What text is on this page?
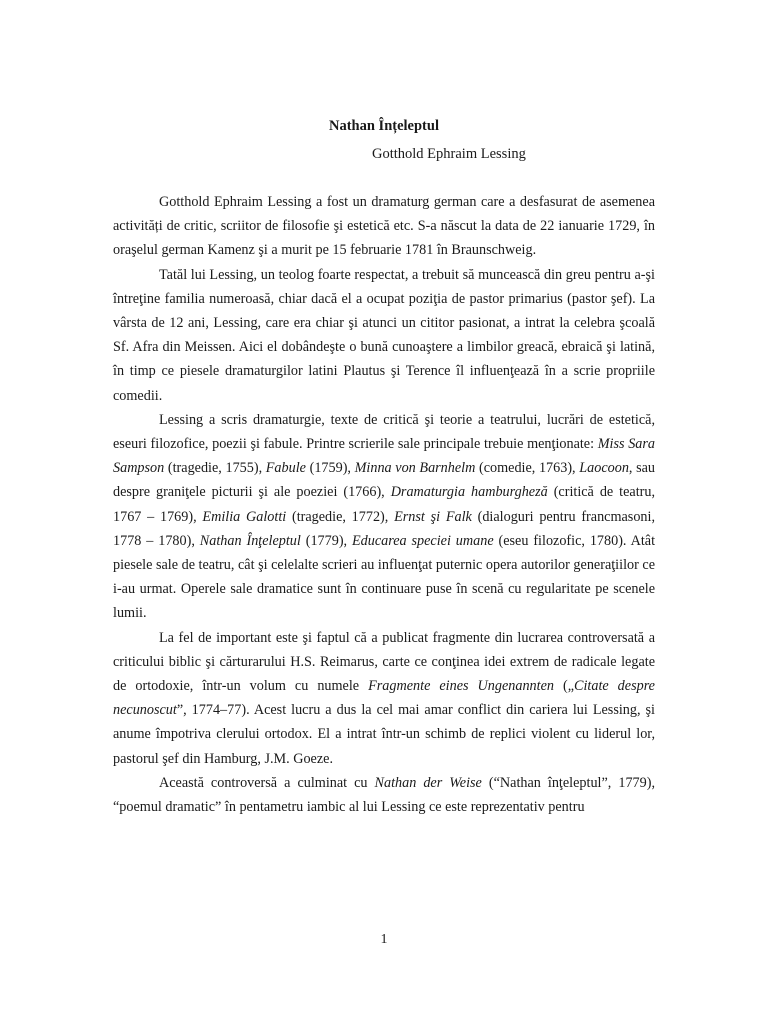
Nathan Înțeleptul
Gotthold Ephraim Lessing

Gotthold Ephraim Lessing a fost un dramaturg german care a desfasurat de asemenea activități de critic, scriitor de filosofie şi estetică etc. S-a născut la data de 22 ianuarie 1729, în oraşelul german Kamenz şi a murit pe 15 februarie 1781 în Braunschweig.

Tatăl lui Lessing, un teolog foarte respectat, a trebuit să muncească din greu pentru a-şi întreţine familia numeroasă, chiar dacă el a ocupat poziţia de pastor primarius (pastor şef). La vârsta de 12 ani, Lessing, care era chiar şi atunci un cititor pasionat, a intrat la celebra şcoală Sf. Afra din Meissen. Aici el dobândeşte o bună cunoaştere a limbilor greacă, ebraică şi latină, în timp ce piesele dramaturgilor latini Plautus şi Terence îl influenţează în a scrie propriile comedii.

Lessing a scris dramaturgie, texte de critică şi teorie a teatrului, lucrări de estetică, eseuri filozofice, poezii şi fabule. Printre scrierile sale principale trebuie menţionate: Miss Sara Sampson (tragedie, 1755), Fabule (1759), Minna von Barnhelm (comedie, 1763), Laocoon, sau despre graniţele picturii şi ale poeziei (1766), Dramaturgia hamburgheză (critică de teatru, 1767 – 1769), Emilia Galotti (tragedie, 1772), Ernst şi Falk (dialoguri pentru francmasoni, 1778 – 1780), Nathan Înţeleptul (1779), Educarea speciei umane (eseu filozofic, 1780). Atât piesele sale de teatru, cât şi celelalte scrieri au influenţat puternic opera autorilor generaţiilor ce i-au urmat. Operele sale dramatice sunt în continuare puse în scenă cu regularitate pe scenele lumii.

La fel de important este şi faptul că a publicat fragmente din lucrarea controversată a criticului biblic şi cărturarului H.S. Reimarus, carte ce conţinea idei extrem de radicale legate de ortodoxie, într-un volum cu numele Fragmente eines Ungenannten („Citate despre necunoscut”, 1774–77). Acest lucru a dus la cel mai amar conflict din cariera lui Lessing, şi anume împotriva clerului ortodox. El a intrat într-un schimb de replici violent cu liderul lor, pastorul şef din Hamburg, J.M. Goeze.

Această controversă a culminat cu Nathan der Weise (“Nathan înţeleptul”, 1779), “poemul dramatic” în pentametru iambic al lui Lessing ce este reprezentativ pentru

1
